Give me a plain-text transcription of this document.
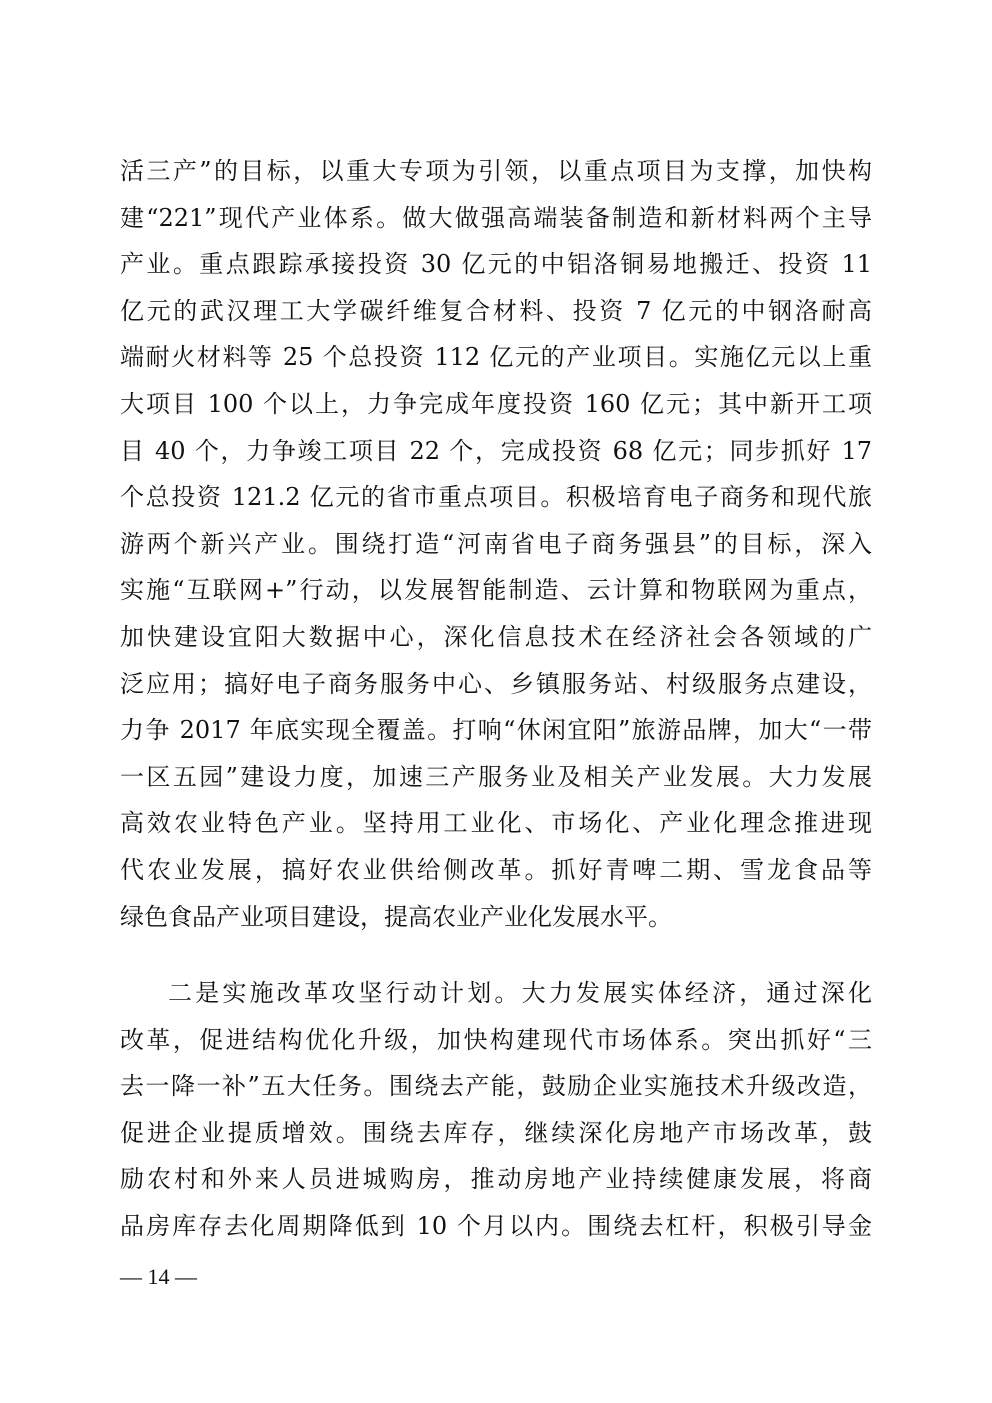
活三产”的目标，以重大专项为引领，以重点项目为支撑，加快构
建“221”现代产业体系。做大做强高端装备制造和新材料两个主导
产业。重点跟踪承接投资 30 亿元的中铝洛铜易地搬迁、投资 11
亿元的武汉理工大学碳纤维复合材料、投资 7 亿元的中钢洛耐高
端耐火材料等 25 个总投资 112 亿元的产业项目。实施亿元以上重
大项目 100 个以上，力争完成年度投资 160 亿元；其中新开工项
目 40 个，力争竣工项目 22 个，完成投资 68 亿元；同步抓好 17
个总投资 121.2 亿元的省市重点项目。积极培育电子商务和现代旅
游两个新兴产业。围绕打造“河南省电子商务强县”的目标，深入
实施“互联网+”行动，以发展智能制造、云计算和物联网为重点，
加快建设宜阳大数据中心，深化信息技术在经济社会各领域的广
泛应用；搞好电子商务服务中心、乡镇服务站、村级服务点建设，
力争 2017 年底实现全覆盖。打响“休闲宜阳”旅游品牌，加大“一带
一区五园”建设力度，加速三产服务业及相关产业发展。大力发展
高效农业特色产业。坚持用工业化、市场化、产业化理念推进现
代农业发展，搞好农业供给侧改革。抓好青啤二期、雪龙食品等
绿色食品产业项目建设，提高农业产业化发展水平。
二是实施改革攻坚行动计划。大力发展实体经济，通过深化
改革，促进结构优化升级，加快构建现代市场体系。突出抓好“三
去一降一补”五大任务。围绕去产能，鼓励企业实施技术升级改造，
促进企业提质增效。围绕去库存，继续深化房地产市场改革，鼓
励农村和外来人员进城购房，推动房地产业持续健康发展，将商
品房库存去化周期降低到 10 个月以内。围绕去杠杆，积极引导金
— 14 —
